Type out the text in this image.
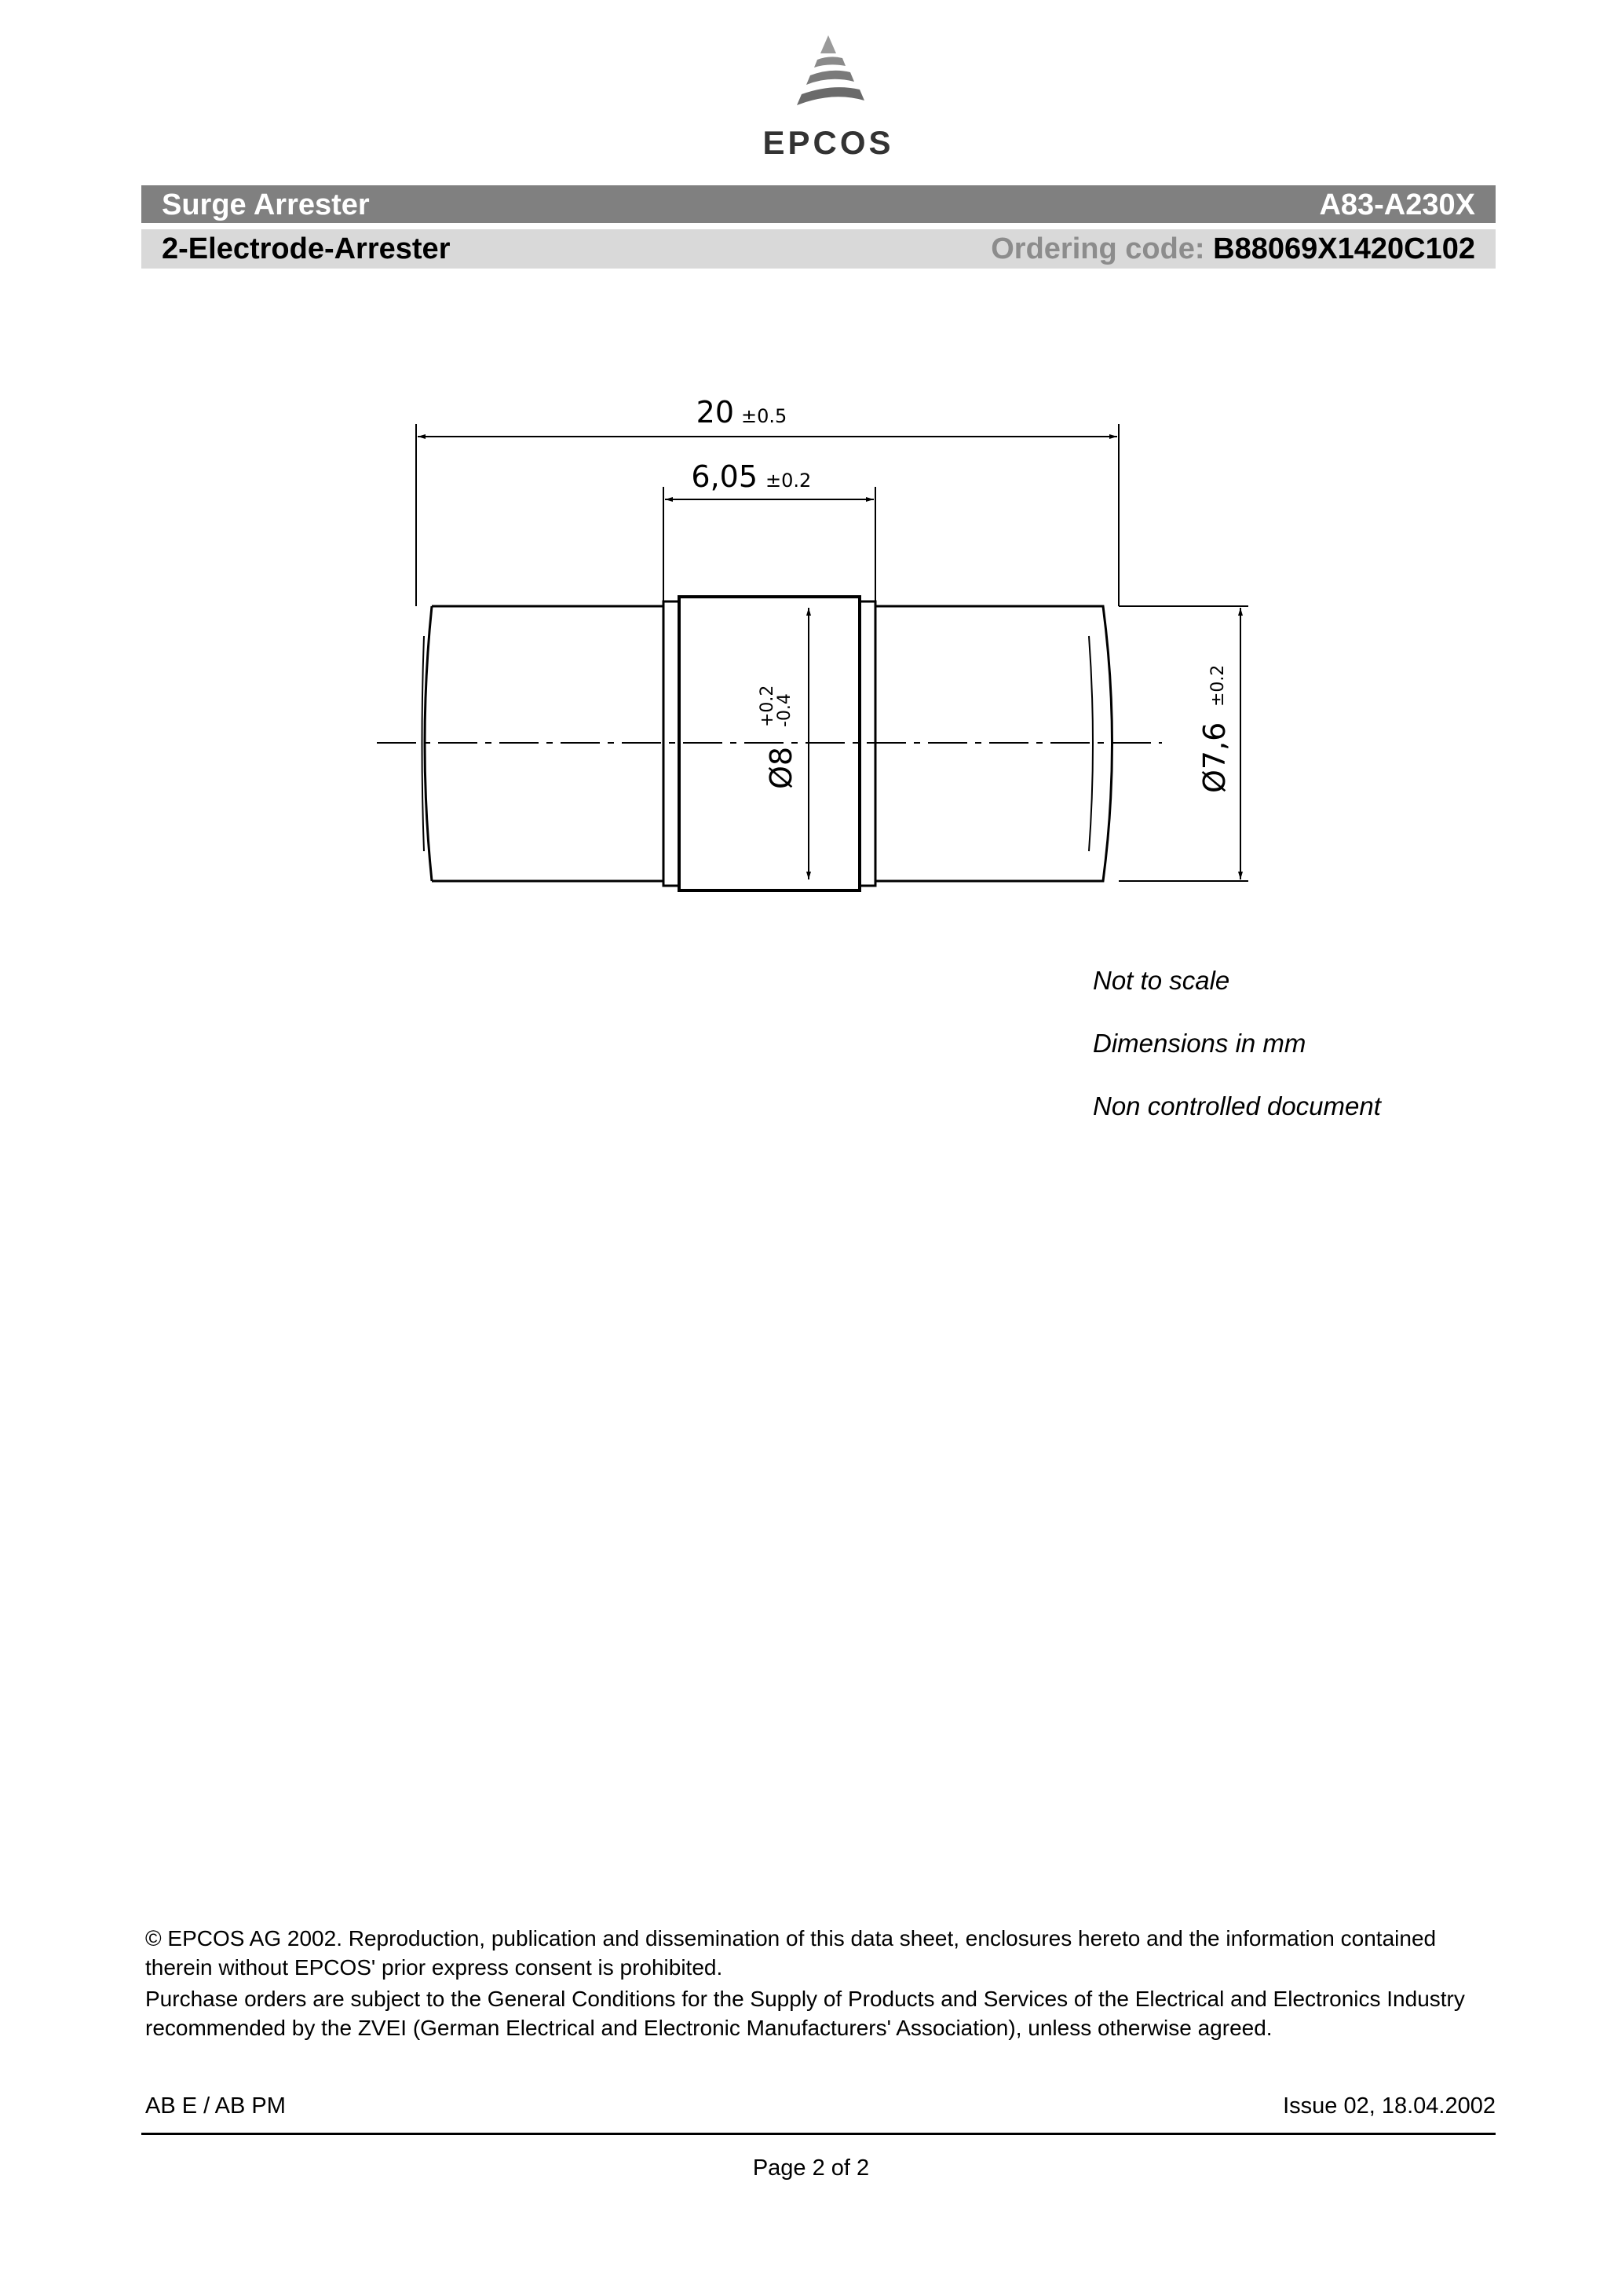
EPCOS
Surge Arrester	A83-A230X
2-Electrode-Arrester	Ordering code: B88069X1420C102
20 ±0.5
6,05 ±0.2
Ø8
+0.2
-0.4
Ø7,6
±0.2
Not to scale
Dimensions in mm
Non controlled document

© EPCOS AG 2002. Reproduction, publication and dissemination of this data sheet, enclosures hereto and the information contained therein without EPCOS' prior express consent is prohibited.

Purchase orders are subject to the General Conditions for the Supply of Products and Services of the Electrical and Electronics Industry recommended by the ZVEI (German Electrical and Electronic Manufacturers' Association), unless otherwise agreed.

AB E / AB PM	Issue 02, 18.04.2002
Page 2 of 2
